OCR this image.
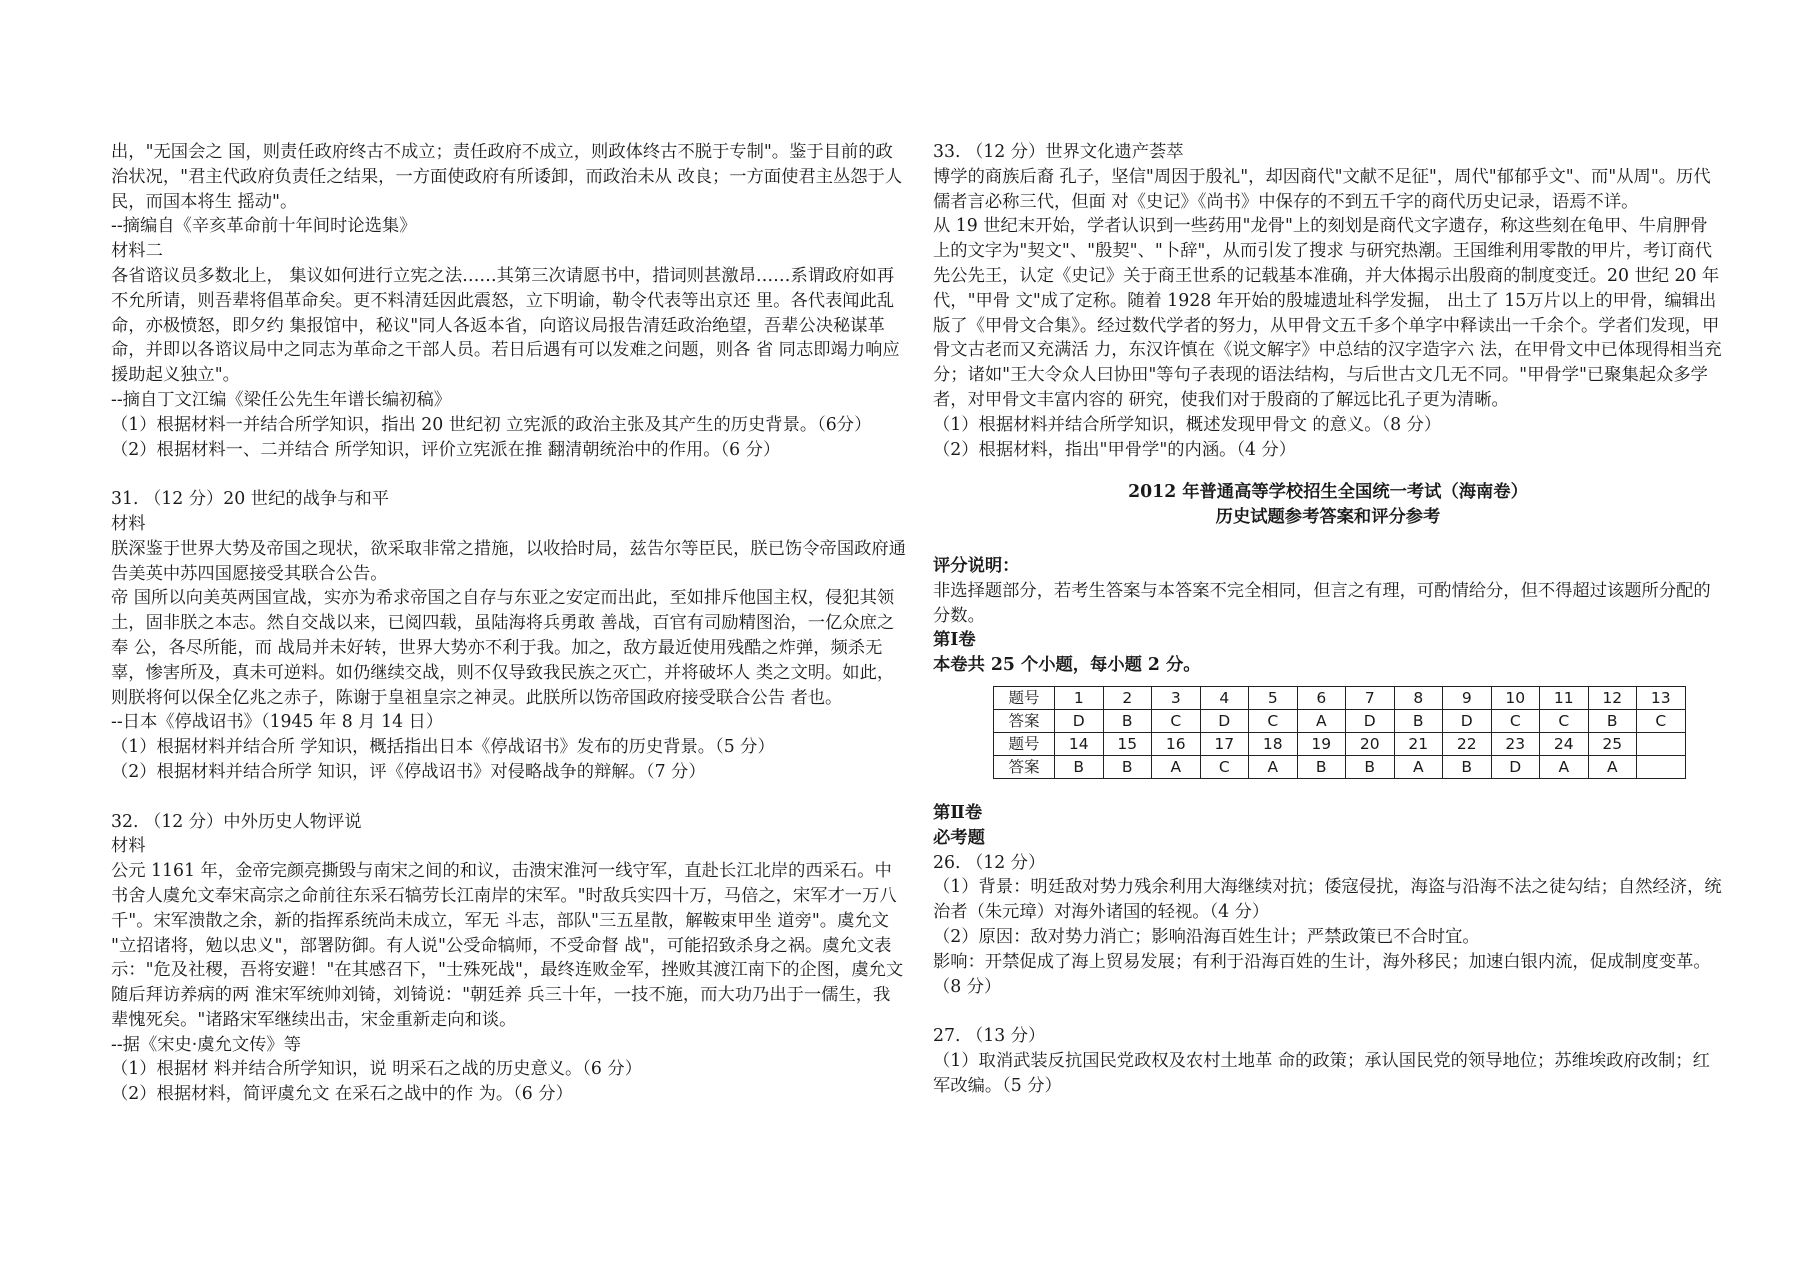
出，"无国会之 国，则责任政府终古不成立；责任政府不成立，则政体终古不脱于专制"。鉴于目前的政治状况，"君主代政府负责任之结果，一方面使政府有所诿卸，而政治未从 改良；一方面使君主丛怨于人民，而国本将生 摇动"。

--摘编自《辛亥革命前十年间时论选集》

材料二

各省谘议员多数北上， 集议如何进行立宪之法……其第三次请愿书中，措词则甚激昂……系谓政府如再不允所请，则吾辈将倡革命矣。更不料清廷因此震怒，立下明谕，勒令代表等出京还 里。各代表闻此乱命，亦极愤怒，即夕约 集报馆中，秘议"同人各返本省，向谘议局报告清廷政治绝望，吾辈公决秘谋革命，并即以各谘议局中之同志为革命之干部人员。若日后遇有可以发难之问题，则各 省 同志即竭力响应援助起义独立"。

--摘自丁文江编《梁任公先生年谱长编初稿》

（1）根据材料一并结合所学知识，指出 20 世纪初 立宪派的政治主张及其产生的历史背景。（6分）

（2）根据材料一、二并结合 所学知识，评价立宪派在推 翻清朝统治中的作用。（6 分）

31. （12 分）20 世纪的战争与和平

材料

朕深鉴于世界大势及帝国之现状，欲采取非常之措施，以收拾时局，兹告尔等臣民，朕已饬令帝国政府通告美英中苏四国愿接受其联合公告。

帝 国所以向美英两国宣战，实亦为希求帝国之自存与东亚之安定而出此，至如排斥他国主权，侵犯其领土，固非朕之本志。然自交战以来，已阅四载，虽陆海将兵勇敢 善战，百官有司励精图治，一亿众庶之奉 公，各尽所能，而 战局并未好转，世界大势亦不利于我。加之，敌方最近使用残酷之炸弹，频杀无辜，惨害所及，真未可逆料。如仍继续交战，则不仅导致我民族之灭亡，并将破坏人 类之文明。如此，则朕将何以保全亿兆之赤子，陈谢于皇祖皇宗之神灵。此朕所以饬帝国政府接受联合公告 者也。

--日本《停战诏书》（1945 年 8 月 14 日）

（1）根据材料并结合所 学知识，概括指出日本《停战诏书》发布的历史背景。（5 分）

（2）根据材料并结合所学 知识，评《停战诏书》对侵略战争的辩解。（7 分）

32. （12 分）中外历史人物评说

材料

公元 1161 年，金帝完颜亮撕毁与南宋之间的和议，击溃宋淮河一线守军，直赴长江北岸的西采石。中书舍人虞允文奉宋高宗之命前往东采石犒劳长江南岸的宋军。"时敌兵实四十万，马倍之，宋军才一万八千"。宋军溃散之余，新的指挥系统尚未成立，军无 斗志，部队"三五星散，解鞍束甲坐 道旁"。虞允文 "立招诸将，勉以忠义"，部署防御。有人说"公受命犒师，不受命督 战"，可能招致杀身之祸。虞允文表示："危及社稷，吾将安避！"在其感召下，"士殊死战"，最终连败金军，挫败其渡江南下的企图，虞允文随后拜访养病的两 淮宋军统帅刘锜，刘锜说："朝廷养 兵三十年，一技不施，而大功乃出于一儒生，我辈愧死矣。"诸路宋军继续出击，宋金重新走向和谈。

--据《宋史·虞允文传》等

（1）根据材 料并结合所学知识，说 明采石之战的历史意义。（6 分）

（2）根据材料，简评虞允文 在采石之战中的作 为。（6 分）

33. （12 分）世界文化遗产荟萃

博学的商族后裔 孔子，坚信"周因于殷礼"，却因商代"文献不足征"，周代"郁郁乎文"、而"从周"。历代儒者言必称三代，但面 对《史记》《尚书》中保存的不到五千字的商代历史记录，语焉不详。

从 19 世纪末开始，学者认识到一些药用"龙骨"上的刻划是商代文字遗存，称这些刻在龟甲、牛肩胛骨上的文字为"契文"、"殷契"、"卜辞"，从而引发了搜求 与研究热潮。王国维利用零散的甲片，考订商代先公先王，认定《史记》关于商王世系的记载基本准确，并大体揭示出殷商的制度变迁。20 世纪 20 年代，"甲骨 文"成了定称。随着 1928 年开始的殷墟遗址科学发掘， 出土了 15万片以上的甲骨，编辑出版了《甲骨文合集》。经过数代学者的努力，从甲骨文五千多个单字中释读出一千余个。学者们发现，甲骨文古老而又充满活 力，东汉许慎在《说文解字》中总结的汉字造字六 法，在甲骨文中已体现得相当充分；诸如"王大令众人曰协田"等句子表现的语法结构，与后世古文几无不同。"甲骨学"已聚集起众多学者，对甲骨文丰富内容的 研究，使我们对于殷商的了解远比孔子更为清晰。

（1）根据材料并结合所学知识，概述发现甲骨文 的意义。（8 分）

（2）根据材料，指出"甲骨学"的内涵。（4 分）

2012 年普通高等学校招生全国统一考试（海南卷）

历史试题参考答案和评分参考

评分说明：

非选择题部分，若考生答案与本答案不完全相同，但言之有理，可酌情给分，但不得超过该题所分配的分数。

第Ⅰ卷

本卷共 25 个小题，每小题 2 分。

题号	1	2	3	4	5	6	7	8	9	10	11	12	13
答案	D	B	C	D	C	A	D	B	D	C	C	B	C
题号	14	15	16	17	18	19	20	21	22	23	24	25	
答案	B	B	A	C	A	B	B	A	B	D	A	A	

第Ⅱ卷

必考题

26. （12 分）

（1）背景：明廷敌对势力残余利用大海继续对抗；倭寇侵扰，海盗与沿海不法之徒勾结；自然经济，统治者（朱元璋）对海外诸国的轻视。（4 分）

（2）原因：敌对势力消亡；影响沿海百姓生计；严禁政策已不合时宜。

影响：开禁促成了海上贸易发展；有利于沿海百姓的生计，海外移民；加速白银内流，促成制度变革。（8 分）

27. （13 分）

（1）取消武装反抗国民党政权及农村土地革 命的政策；承认国民党的领导地位；苏维埃政府改制；红军改编。（5 分）
